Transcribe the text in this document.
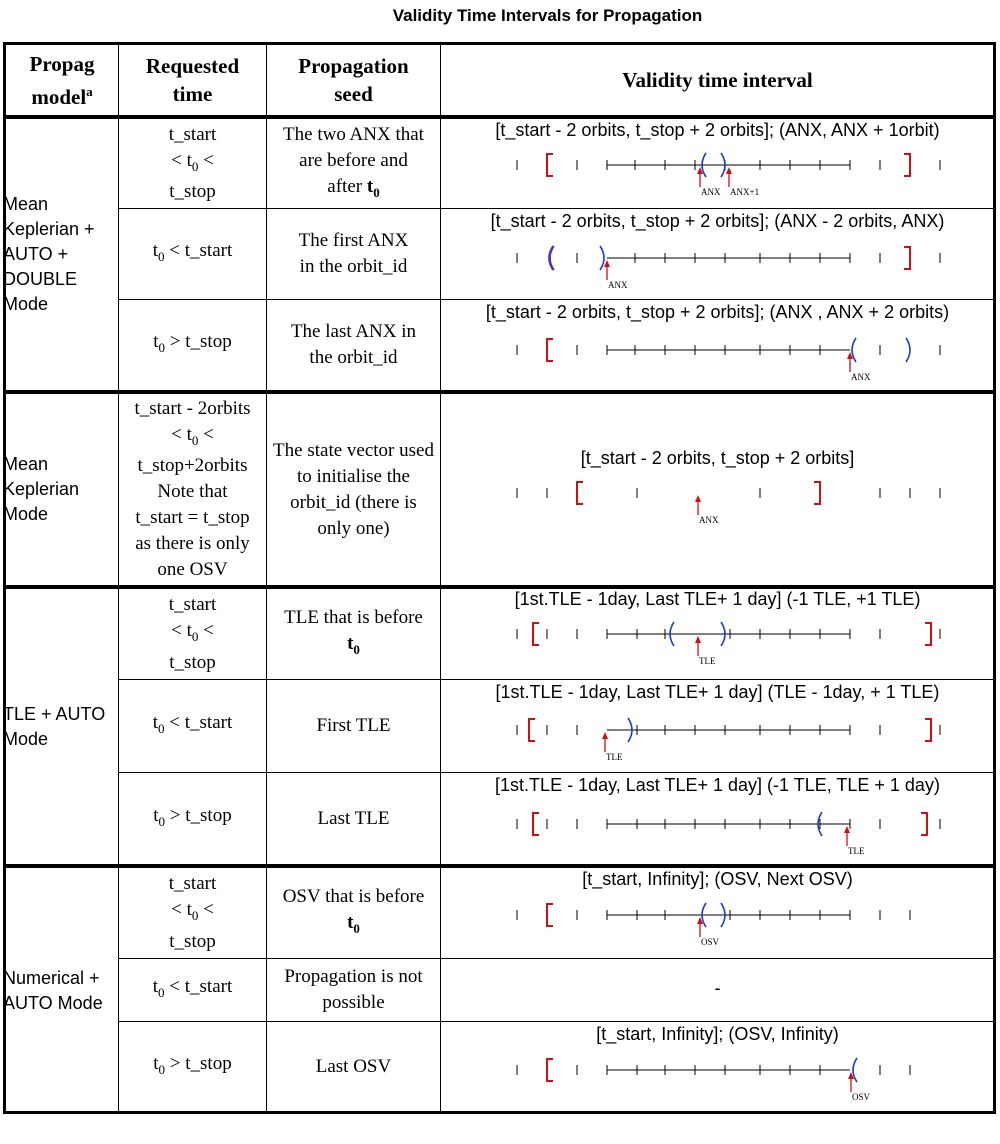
Validity Time Intervals for Propagation
Propag model$^a$
Requested time
Propagation seed
Validity time interval
Mean Keplerian + AUTO + DOUBLE Mode
Mean Keplerian Mode
TLE + AUTO Mode
Numerical + AUTO Mode
t_start
< $t_0$ <
t_stop
$t_0$ < t_start
$t_0$ > t_stop
t_start - 2orbits
< $t_0$ <
t_stop+2orbits
Note that
t_start = t_stop
as there is only
one OSV
t_start
< $t_0$ <
t_stop
$t_0$ < t_start
$t_0$ > t_stop
t_start
< $t_0$ <
t_stop
$t_0$ < t_start
$t_0$ > t_stop
The two ANX that
are before and
after $t_0$
The first ANX in the orbit_id
The last ANX in the orbit_id
The state vector used to initialise the orbit_id (there is only one)
TLE that is before
$t_0$
First TLE
Last TLE
OSV that is before
$t_0$
Propagation is not possible
Last OSV
[t_start - 2 orbits, t_stop + 2 orbits]; (ANX, ANX + 1orbit)
[t_start - 2 orbits, t_stop + 2 orbits]; (ANX - 2 orbits, ANX)
[t_start - 2 orbits, t_stop + 2 orbits]; (ANX , ANX + 2 orbits)
[t_start - 2 orbits, t_stop + 2 orbits]
[1st.TLE - 1day, Last TLE+ 1 day] (-1 TLE, +1 TLE)
[1st.TLE - 1day, Last TLE+ 1 day] (TLE - 1day, + 1 TLE)
[1st.TLE - 1day, Last TLE+ 1 day] (-1 TLE, TLE + 1 day)
[t_start, Infinity]; (OSV, Next OSV)
-
[t_start, Infinity]; (OSV, Infinity)
ANX ANX+1
ANX
ANX
ANX
TLE
TLE
TLE
OSV
OSV
